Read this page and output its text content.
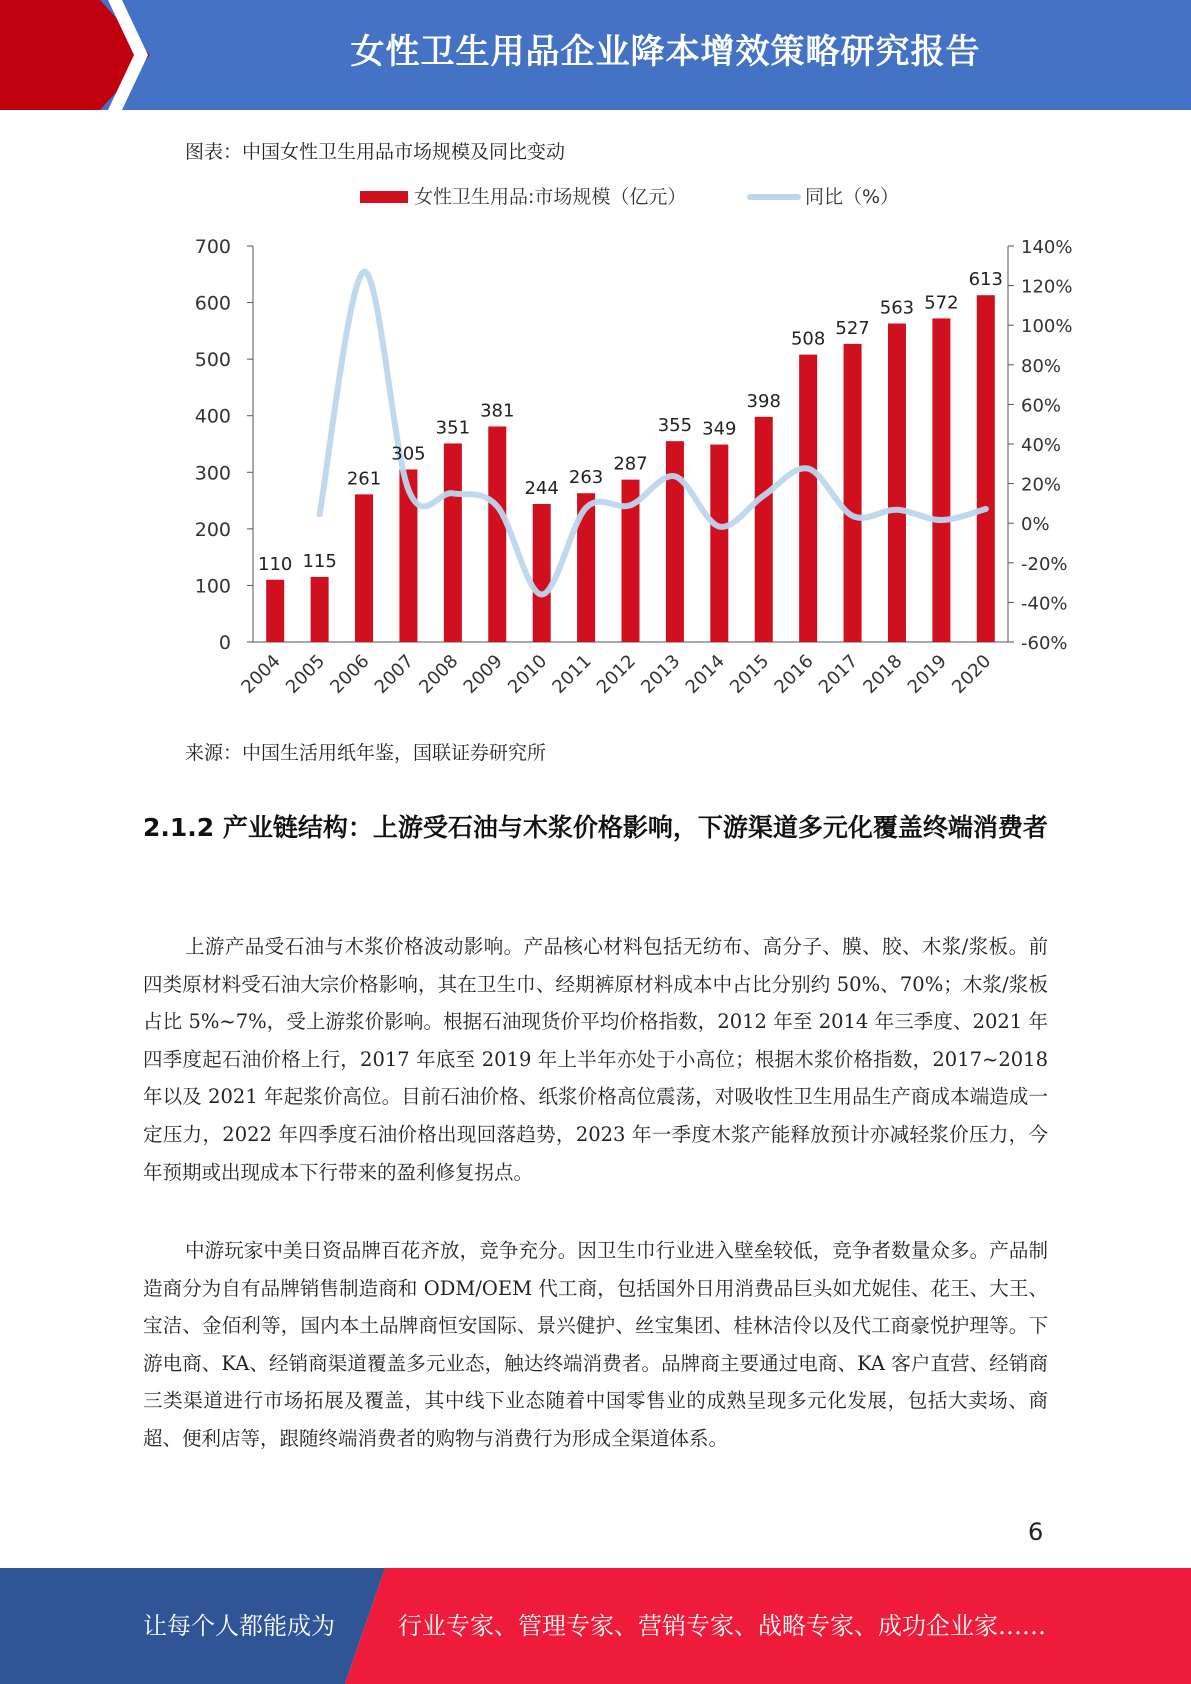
女性卫生用品企业降本增效策略研究报告
图表：中国女性卫生用品市场规模及同比变动
女性卫生用品:市场规模（亿元）	同比（%）
0
100
200
300
400
500
600
700
-60%
-40%
-20%
0%
20%
40%
60%
80%
100%
120%
140%
2004
2005
2006
2007
2008
2009
2010
2011
2012
2013
2014
2015
2016
2017
2018
2019
2020
110 115
261
305
351
381
244
263
287
355 349
398
508
527
563 572
613
来源：中国生活用纸年鉴，国联证券研究所
2.1.2 产业链结构：上游受石油与木浆价格影响，下游渠道多元化覆盖终端消费者

上游产品受石油与木浆价格波动影响。产品核心材料包括无纺布、高分子、膜、胶、木浆/浆板。前四类原材料受石油大宗价格影响，其在卫生巾、经期裤原材料成本中占比分别约 50%、70%；木浆/浆板占比 5%~7%，受上游浆价影响。根据石油现货价平均价格指数，2012 年至 2014 年三季度、2021 年四季度起石油价格上行，2017 年底至 2019 年上半年亦处于小高位；根据木浆价格指数，2017~2018 年以及 2021 年起浆价高位。目前石油价格、纸浆价格高位震荡，对吸收性卫生用品生产商成本端造成一定压力，2022 年四季度石油价格出现回落趋势，2023 年一季度木浆产能释放预计亦减轻浆价压力，今年预期或出现成本下行带来的盈利修复拐点。

中游玩家中美日资品牌百花齐放，竞争充分。因卫生巾行业进入壁垒较低，竞争者数量众多。产品制造商分为自有品牌销售制造商和 ODM/OEM 代工商，包括国外日用消费品巨头如尤妮佳、花王、大王、宝洁、金佰利等，国内本土品牌商恒安国际、景兴健护、丝宝集团、桂林洁伶以及代工商豪悦护理等。下游电商、KA、经销商渠道覆盖多元业态，触达终端消费者。品牌商主要通过电商、KA 客户直营、经销商三类渠道进行市场拓展及覆盖，其中线下业态随着中国零售业的成熟呈现多元化发展，包括大卖场、商超、便利店等，跟随终端消费者的购物与消费行为形成全渠道体系。

6
让每个人都能成为	行业专家、管理专家、营销专家、战略专家、成功企业家……
